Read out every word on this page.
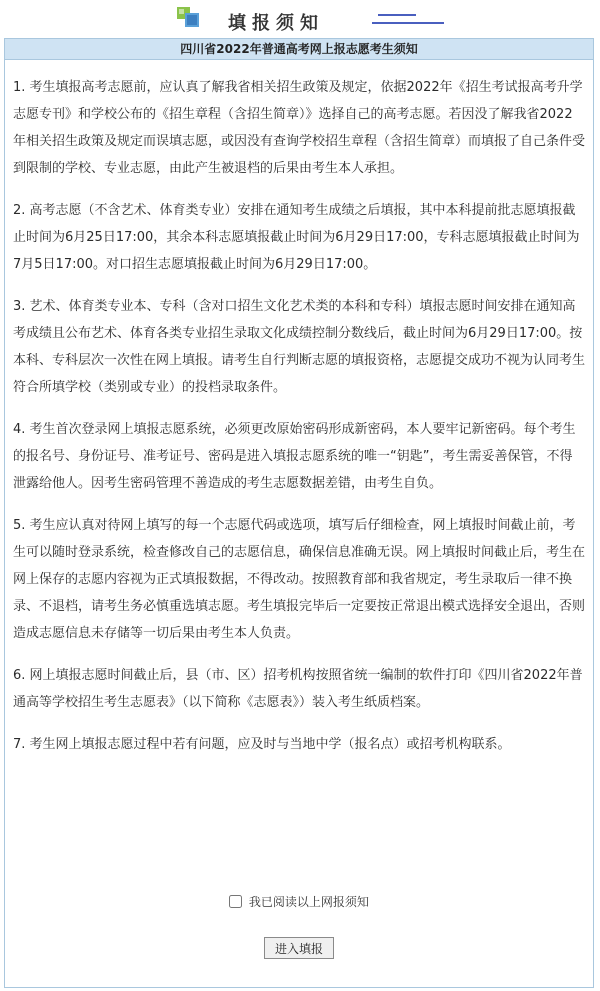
填报须知
四川省2022年普通高考网上报志愿考生须知

1. 考生填报高考志愿前，应认真了解我省相关招生政策及规定，依据2022年《招生考试报高考升学志愿专刊》和学校公布的《招生章程（含招生简章）》选择自己的高考志愿。若因没了解我省2022年相关招生政策及规定而误填志愿，或因没有查询学校招生章程（含招生简章）而填报了自己条件受到限制的学校、专业志愿，由此产生被退档的后果由考生本人承担。

2. 高考志愿（不含艺术、体育类专业）安排在通知考生成绩之后填报，其中本科提前批志愿填报截止时间为6月25日17:00，其余本科志愿填报截止时间为6月29日17:00，专科志愿填报截止时间为7月5日17:00。对口招生志愿填报截止时间为6月29日17:00。

3. 艺术、体育类专业本、专科（含对口招生文化艺术类的本科和专科）填报志愿时间安排在通知高考成绩且公布艺术、体育各类专业招生录取文化成绩控制分数线后，截止时间为6月29日17:00。按本科、专科层次一次性在网上填报。请考生自行判断志愿的填报资格，志愿提交成功不视为认同考生符合所填学校（类别或专业）的投档录取条件。

4. 考生首次登录网上填报志愿系统，必须更改原始密码形成新密码，本人要牢记新密码。每个考生的报名号、身份证号、准考证号、密码是进入填报志愿系统的唯一“钥匙”，考生需妥善保管，不得泄露给他人。因考生密码管理不善造成的考生志愿数据差错，由考生自负。

5. 考生应认真对待网上填写的每一个志愿代码或选项，填写后仔细检查，网上填报时间截止前，考生可以随时登录系统，检查修改自己的志愿信息，确保信息准确无误。网上填报时间截止后，考生在网上保存的志愿内容视为正式填报数据，不得改动。按照教育部和我省规定，考生录取后一律不换录、不退档，请考生务必慎重选填志愿。考生填报完毕后一定要按正常退出模式选择安全退出，否则造成志愿信息未存储等一切后果由考生本人负责。

6. 网上填报志愿时间截止后，县（市、区）招考机构按照省统一编制的软件打印《四川省2022年普通高等学校招生考生志愿表》（以下简称《志愿表》）装入考生纸质档案。

7. 考生网上填报志愿过程中若有问题，应及时与当地中学（报名点）或招考机构联系。

我已阅读以上网报须知
进入填报
